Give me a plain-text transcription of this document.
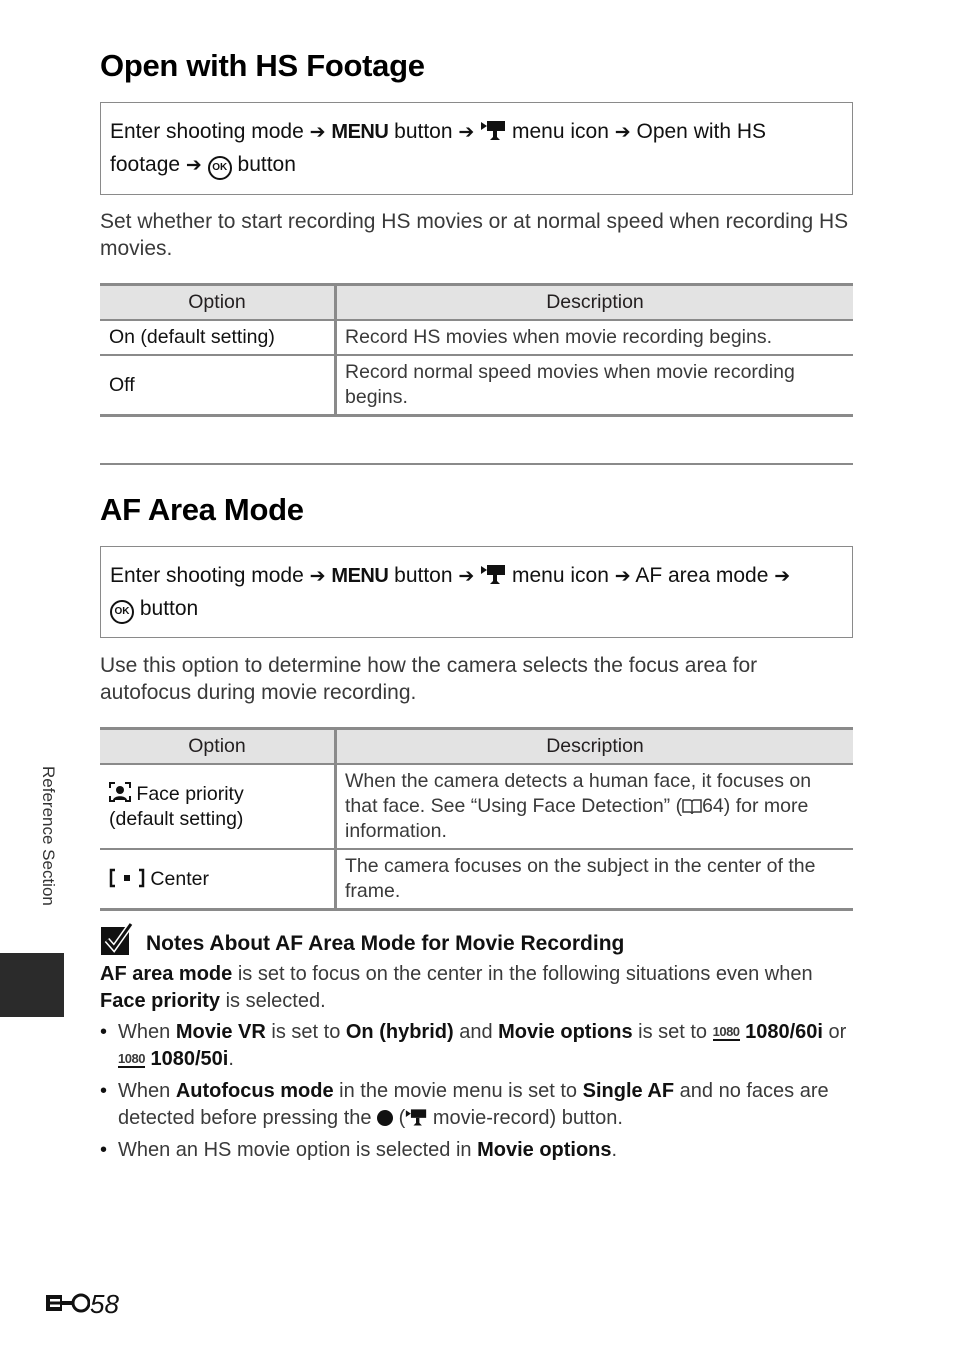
Open with HS Footage
Enter shooting mode ➔ MENU button ➔ menu icon ➔ Open with HS
footage ➔ OK button

Set whether to start recording HS movies or at normal speed when recording HS movies.

Option	Description
On (default setting)	Record HS movies when movie recording begins.
Off	Record normal speed movies when movie recording begins.
AF Area Mode
Enter shooting mode ➔ MENU button ➔ menu icon ➔ AF area mode ➔
OK button

Use this option to determine how the camera selects the focus area for autofocus during movie recording.

Option	Description
Face priority
(default setting)	When the camera detects a human face, it focuses on that face. See “Using Face Detection” ( 64) for more information.
Center	The camera focuses on the subject in the center of the frame.
Notes About AF Area Mode for Movie Recording

AF area mode is set to focus on the center in the following situations even when Face priority is selected.

• When Movie VR is set to On (hybrid) and Movie options is set to 1080 1080/60i or 1080 1080/50i.
• When Autofocus mode in the movie menu is set to Single AF and no faces are detected before pressing the  ( movie-record) button.
• When an HS movie option is selected in Movie options.
Reference Section
58
